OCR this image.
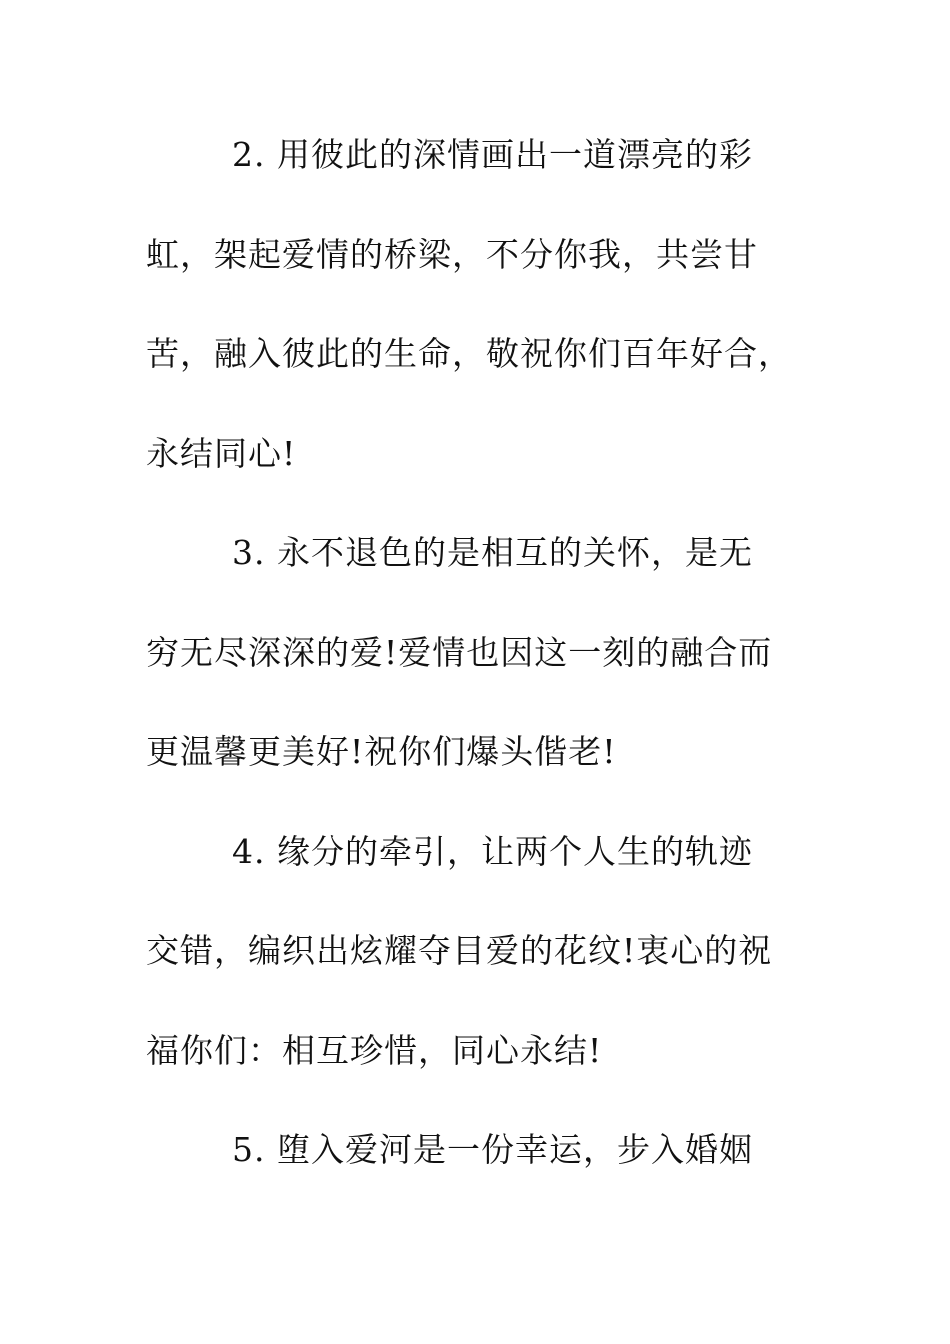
2. 用彼此的深情画出一道漂亮的彩
虹，架起爱情的桥梁，不分你我，共尝甘
苦，融入彼此的生命，敬祝你们百年好合，
永结同心!
3. 永不退色的是相互的关怀，是无
穷无尽深深的爱!爱情也因这一刻的融合而
更温馨更美好!祝你们爆头偕老!
4. 缘分的牵引，让两个人生的轨迹
交错，编织出炫耀夺目爱的花纹!衷心的祝
福你们：相互珍惜，同心永结!
5. 堕入爱河是一份幸运，步入婚姻
